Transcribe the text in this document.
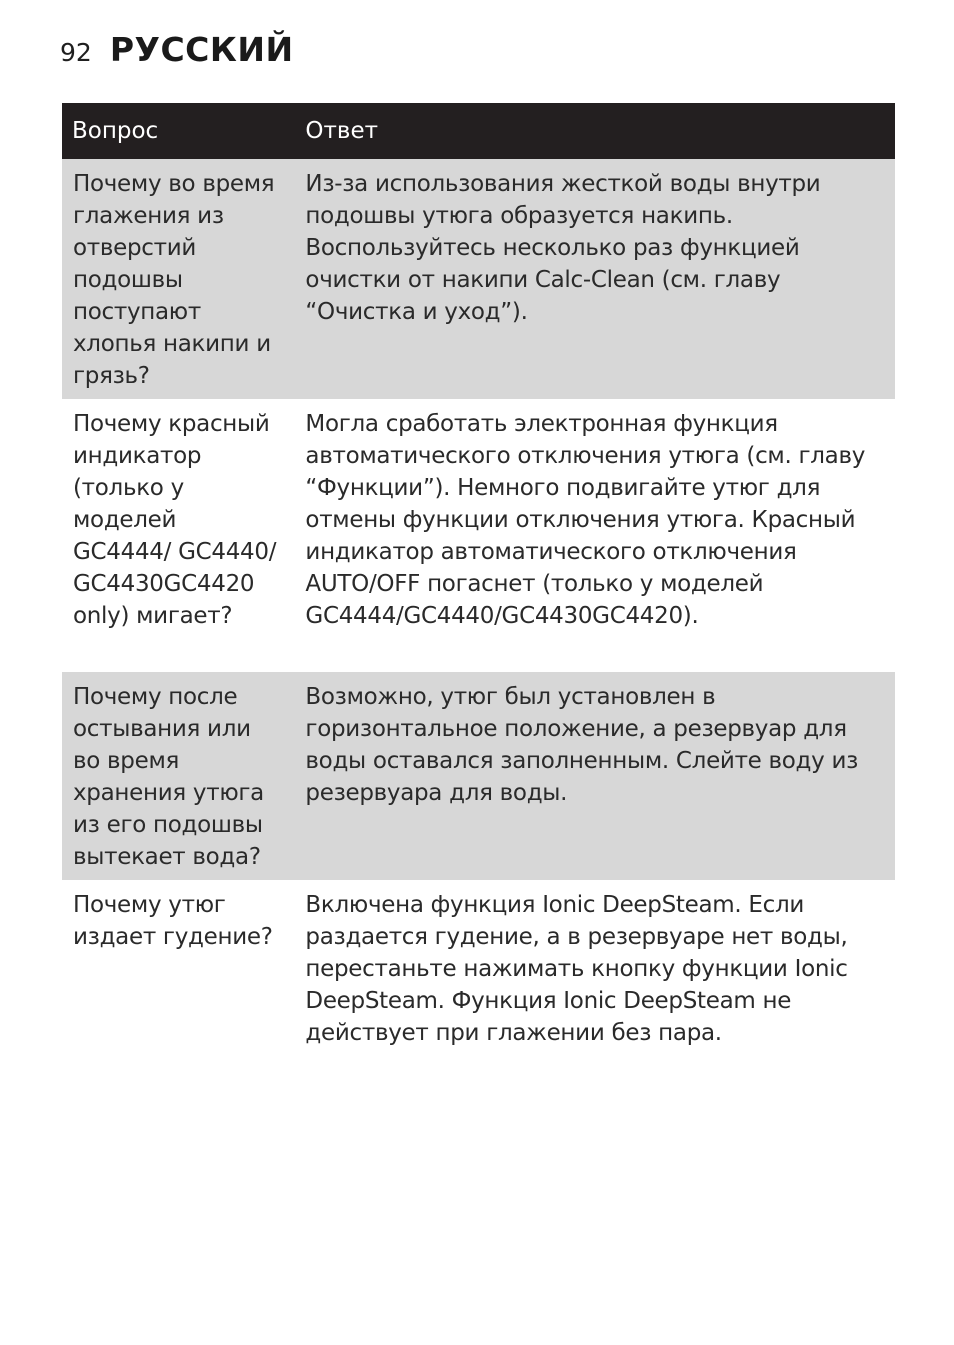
92 РУССКИЙ
Вопрос	Ответ
Почему во время глажения из отверстий подошвы поступают хлопья накипи и грязь?	Из-за использования жесткой воды внутри подошвы утюга образуется накипь. Воспользуйтесь несколько раз функцией очистки от накипи Calc-Clean (см. главу “Очистка и уход”).
Почему красный индикатор (только у моделей GC4444/ GC4440/ GC4430GC4420 only) мигает?	Могла сработать электронная функция автоматического отключения утюга (см. главу “Функции”). Немного подвигайте утюг для отмены функции отключения утюга. Красный индикатор автоматического отключения AUTO/OFF погаснет (только у моделей GC4444/GC4440/GC4430GC4420).
Почему после остывания или во время хранения утюга из его подошвы вытекает вода?	Возможно, утюг был установлен в горизонтальное положение, а резервуар для воды оставался заполненным. Слейте воду из резервуара для воды.
Почему утюг издает гудение?	Включена функция Ionic DeepSteam. Если раздается гудение, а в резервуаре нет воды, перестаньте нажимать кнопку функции Ionic DeepSteam. Функция Ionic DeepSteam не действует при глажении без пара.
